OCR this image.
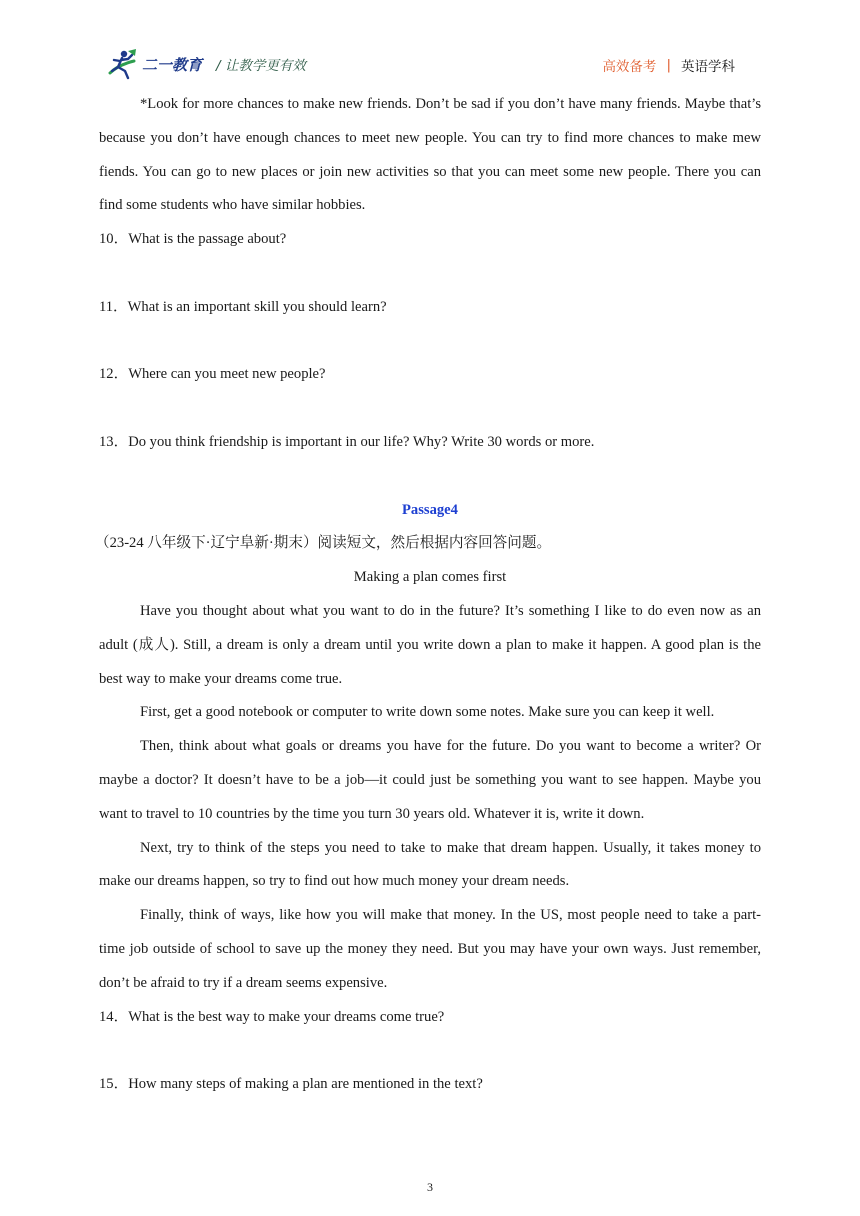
二一教育 / 让教学更有效	高效备考 | 英语学科

*Look for more chances to make new friends. Don’t be sad if you don’t have many friends. Maybe that’s because you don’t have enough chances to meet new people. You can try to find more chances to make mew fiends. You can go to new places or join new activities so that you can meet some new people. There you can find some students who have similar hobbies.

10．What is the passage about?

11．What is an important skill you should learn?

12．Where can you meet new people?

13．Do you think friendship is important in our life? Why? Write 30 words or more.

Passage4

（23-24 八年级下·辽宁阜新·期末）阅读短文，然后根据内容回答问题。

Making a plan comes first

Have you thought about what you want to do in the future? It’s something I like to do even now as an adult (成人). Still, a dream is only a dream until you write down a plan to make it happen. A good plan is the best way to make your dreams come true.

First, get a good notebook or computer to write down some notes. Make sure you can keep it well.

Then, think about what goals or dreams you have for the future. Do you want to become a writer? Or maybe a doctor? It doesn’t have to be a job—it could just be something you want to see happen. Maybe you want to travel to 10 countries by the time you turn 30 years old. Whatever it is, write it down.

Next, try to think of the steps you need to take to make that dream happen. Usually, it takes money to make our dreams happen, so try to find out how much money your dream needs.

Finally, think of ways, like how you will make that money. In the US, most people need to take a part-time job outside of school to save up the money they need. But you may have your own ways. Just remember, don’t be afraid to try if a dream seems expensive.

14．What is the best way to make your dreams come true?

15．How many steps of making a plan are mentioned in the text?

3
